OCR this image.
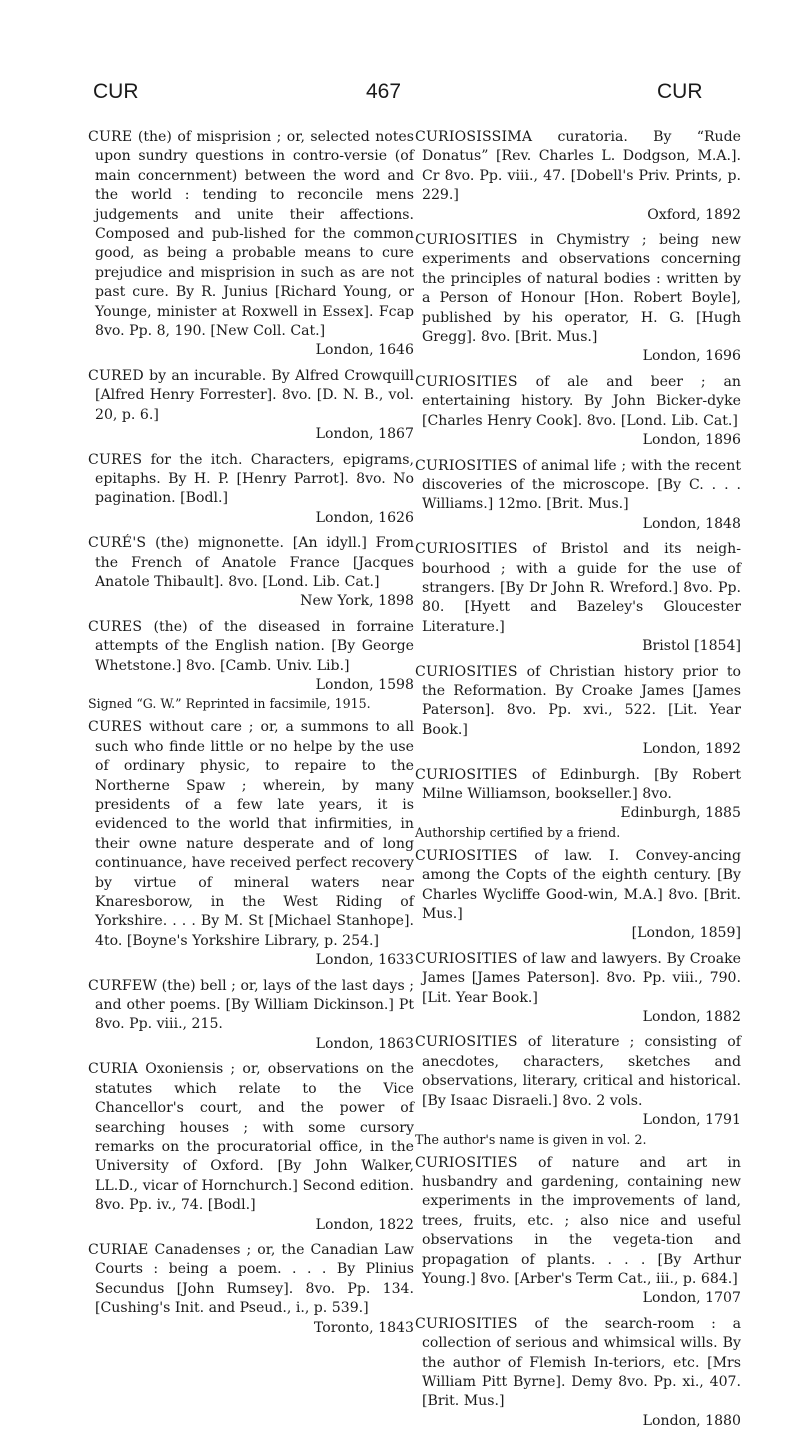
CUR	467	CUR

CURE (the) of misprision ; or, selected notes upon sundry questions in contro-versie (of main concernment) between the word and the world : tending to reconcile mens judgements and unite their affections. Composed and pub-lished for the common good, as being a probable means to cure prejudice and misprision in such as are not past cure. By R. Junius [Richard Young, or Younge, minister at Roxwell in Essex]. Fcap 8vo. Pp. 8, 190. [New Coll. Cat.]

London, 1646

CURED by an incurable. By Alfred Crowquill [Alfred Henry Forrester]. 8vo. [D. N. B., vol. 20, p. 6.]

London, 1867

CURES for the itch. Characters, epigrams, epitaphs. By H. P. [Henry Parrot]. 8vo. No pagination. [Bodl.]

London, 1626

CURÉ'S (the) mignonette. [An idyll.] From the French of Anatole France [Jacques Anatole Thibault]. 8vo. [Lond. Lib. Cat.]

New York, 1898

CURES (the) of the diseased in forraine attempts of the English nation. [By George Whetstone.] 8vo. [Camb. Univ. Lib.]

London, 1598

Signed “G. W.” Reprinted in facsimile, 1915.

CURES without care ; or, a summons to all such who finde little or no helpe by the use of ordinary physic, to repaire to the Northerne Spaw ; wherein, by many presidents of a few late years, it is evidenced to the world that infirmities, in their owne nature desperate and of long continuance, have received perfect recovery by virtue of mineral waters near Knaresborow, in the West Riding of Yorkshire. . . . By M. St [Michael Stanhope]. 4to. [Boyne's Yorkshire Library, p. 254.]

London, 1633

CURFEW (the) bell ; or, lays of the last days ; and other poems. [By William Dickinson.] Pt 8vo. Pp. viii., 215.

London, 1863

CURIA Oxoniensis ; or, observations on the statutes which relate to the Vice Chancellor's court, and the power of searching houses ; with some cursory remarks on the procuratorial office, in the University of Oxford. [By John Walker, LL.D., vicar of Hornchurch.] Second edition. 8vo. Pp. iv., 74. [Bodl.]

London, 1822

CURIAE Canadenses ; or, the Canadian Law Courts : being a poem. . . . By Plinius Secundus [John Rumsey]. 8vo. Pp. 134. [Cushing's Init. and Pseud., i., p. 539.]

Toronto, 1843

CURIOSISSIMA curatoria. By “Rude Donatus” [Rev. Charles L. Dodgson, M.A.]. Cr 8vo. Pp. viii., 47. [Dobell's Priv. Prints, p. 229.]

Oxford, 1892

CURIOSITIES in Chymistry ; being new experiments and observations concerning the principles of natural bodies : written by a Person of Honour [Hon. Robert Boyle], published by his operator, H. G. [Hugh Gregg]. 8vo. [Brit. Mus.]

London, 1696

CURIOSITIES of ale and beer ; an entertaining history. By John Bicker-dyke [Charles Henry Cook]. 8vo. [Lond. Lib. Cat.]

London, 1896

CURIOSITIES of animal life ; with the recent discoveries of the microscope. [By C. . . . Williams.] 12mo. [Brit. Mus.]

London, 1848

CURIOSITIES of Bristol and its neigh-bourhood ; with a guide for the use of strangers. [By Dr John R. Wreford.] 8vo. Pp. 80. [Hyett and Bazeley's Gloucester Literature.]

Bristol [1854]

CURIOSITIES of Christian history prior to the Reformation. By Croake James [James Paterson]. 8vo. Pp. xvi., 522. [Lit. Year Book.]

London, 1892

CURIOSITIES of Edinburgh. [By Robert Milne Williamson, bookseller.] 8vo.

Edinburgh, 1885

Authorship certified by a friend.

CURIOSITIES of law. I. Convey-ancing among the Copts of the eighth century. [By Charles Wycliffe Good-win, M.A.] 8vo. [Brit. Mus.]

[London, 1859]

CURIOSITIES of law and lawyers. By Croake James [James Paterson]. 8vo. Pp. viii., 790. [Lit. Year Book.]

London, 1882

CURIOSITIES of literature ; consisting of anecdotes, characters, sketches and observations, literary, critical and historical. [By Isaac Disraeli.] 8vo. 2 vols.

London, 1791

The author's name is given in vol. 2.

CURIOSITIES of nature and art in husbandry and gardening, containing new experiments in the improvements of land, trees, fruits, etc. ; also nice and useful observations in the vegeta-tion and propagation of plants. . . . [By Arthur Young.] 8vo. [Arber's Term Cat., iii., p. 684.]

London, 1707

CURIOSITIES of the search-room : a collection of serious and whimsical wills. By the author of Flemish In-teriors, etc. [Mrs William Pitt Byrne]. Demy 8vo. Pp. xi., 407. [Brit. Mus.]

London, 1880
